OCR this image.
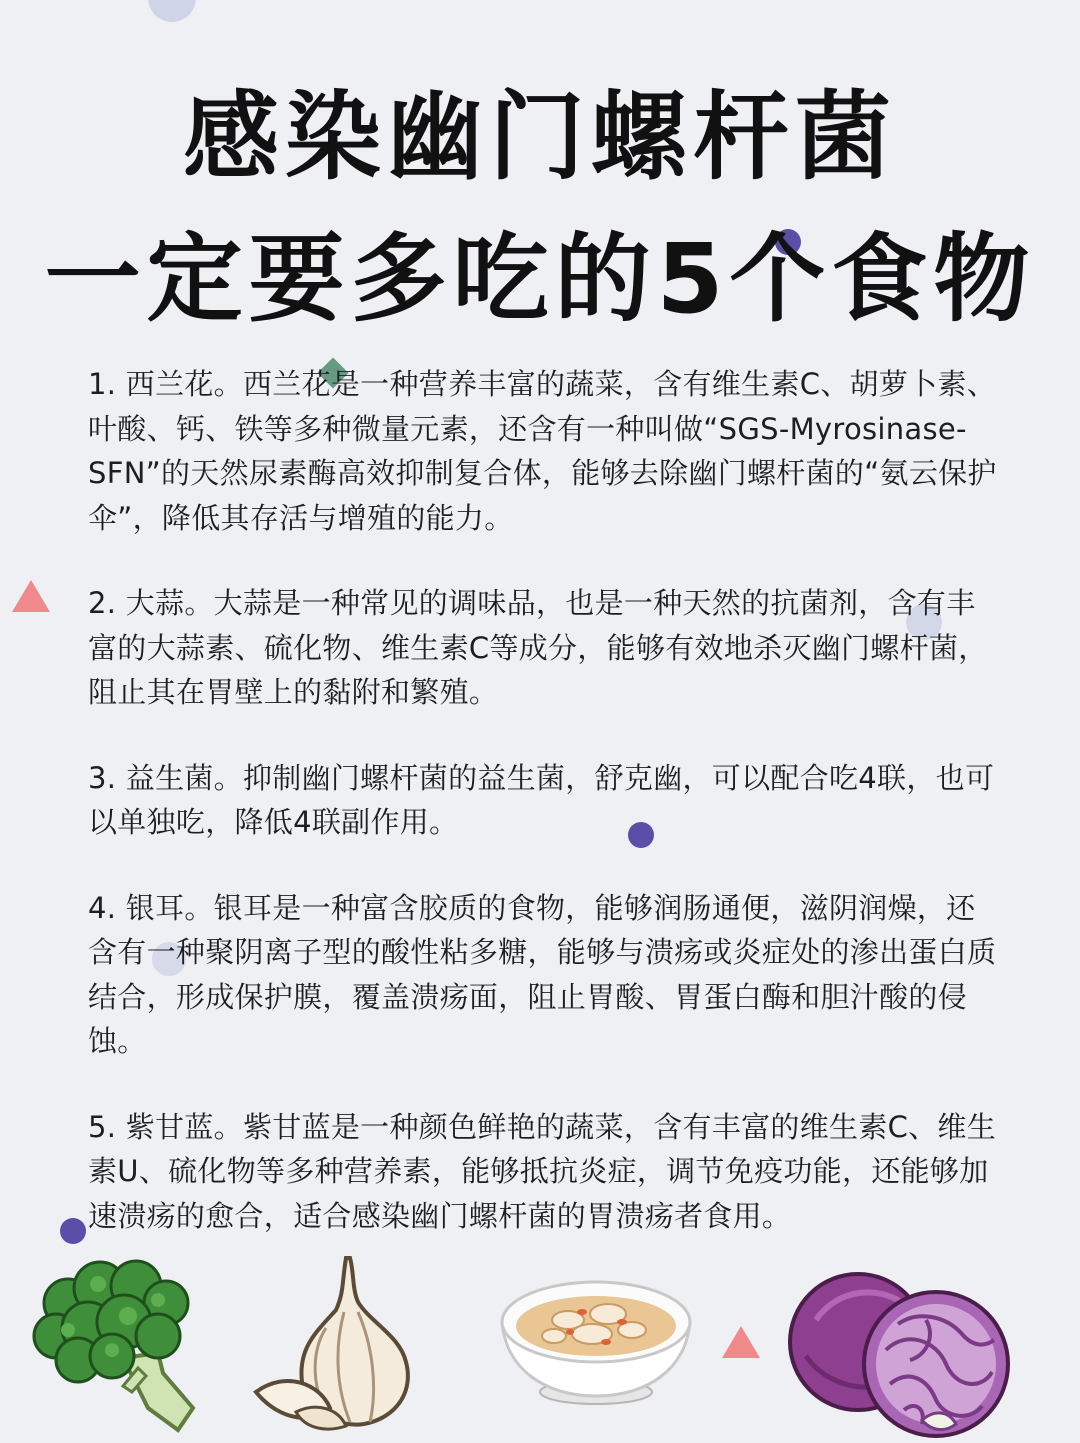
感染幽门螺杆菌
一定要多吃的5个食物

1. 西兰花。西兰花是一种营养丰富的蔬菜，含有维生素C、胡萝卜素、叶酸、钙、铁等多种微量元素，还含有一种叫做“SGS-Myrosinase-SFN”的天然尿素酶高效抑制复合体，能够去除幽门螺杆菌的“氨云保护伞”，降低其存活与增殖的能力。

2. 大蒜。大蒜是一种常见的调味品，也是一种天然的抗菌剂，含有丰富的大蒜素、硫化物、维生素C等成分，能够有效地杀灭幽门螺杆菌，阻止其在胃壁上的黏附和繁殖。

3. 益生菌。抑制幽门螺杆菌的益生菌，舒克幽，可以配合吃4联，也可以单独吃，降低4联副作用。

4. 银耳。银耳是一种富含胶质的食物，能够润肠通便，滋阴润燥，还含有一种聚阴离子型的酸性粘多糖，能够与溃疡或炎症处的渗出蛋白质结合，形成保护膜，覆盖溃疡面，阻止胃酸、胃蛋白酶和胆汁酸的侵蚀。

5. 紫甘蓝。紫甘蓝是一种颜色鲜艳的蔬菜，含有丰富的维生素C、维生素U、硫化物等多种营养素，能够抵抗炎症，调节免疫功能，还能够加速溃疡的愈合，适合感染幽门螺杆菌的胃溃疡者食用。
